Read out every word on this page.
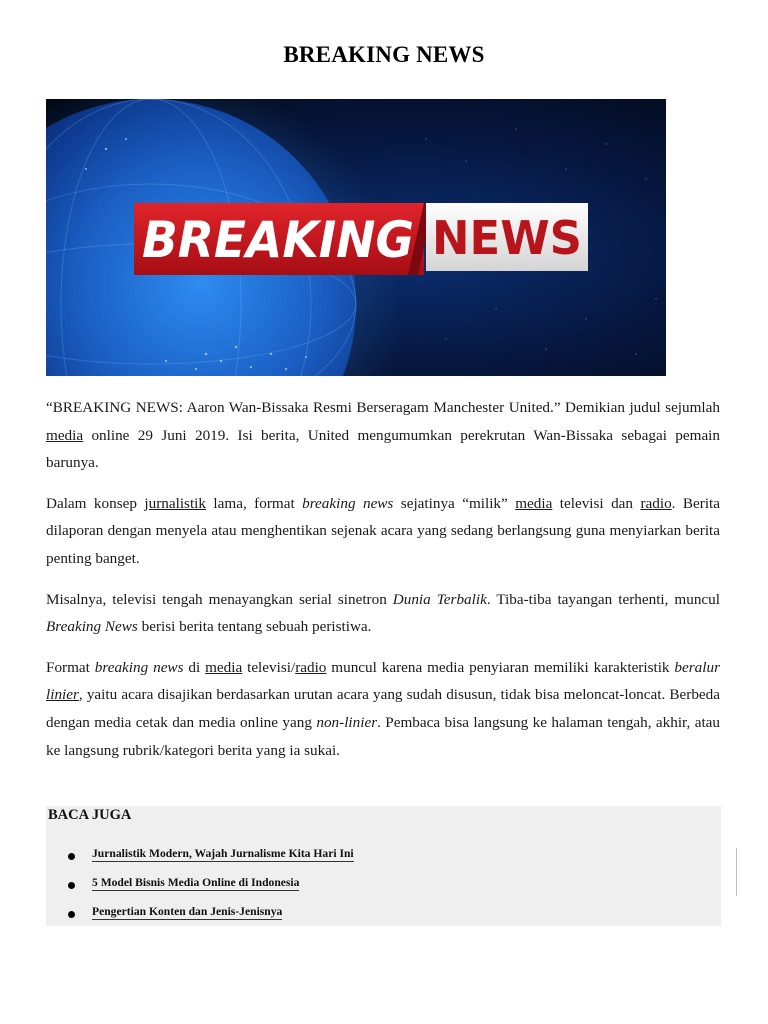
BREAKING NEWS
BREAKING NEWS

“BREAKING NEWS: Aaron Wan-Bissaka Resmi Berseragam Manchester United.” Demikian judul sejumlah media online 29 Juni 2019. Isi berita, United mengumumkan perekrutan Wan-Bissaka sebagai pemain barunya.

Dalam konsep jurnalistik lama, format breaking news sejatinya “milik” media televisi dan radio. Berita dilaporan dengan menyela atau menghentikan sejenak acara yang sedang berlangsung guna menyiarkan berita penting banget.

Misalnya, televisi tengah menayangkan serial sinetron Dunia Terbalik. Tiba-tiba tayangan terhenti, muncul Breaking News berisi berita tentang sebuah peristiwa.

Format breaking news di media televisi/radio muncul karena media penyiaran memiliki karakteristik beralur linier, yaitu acara disajikan berdasarkan urutan acara yang sudah disusun, tidak bisa meloncat-loncat. Berbeda dengan media cetak dan media online yang non-linier. Pembaca bisa langsung ke halaman tengah, akhir, atau ke langsung rubrik/kategori berita yang ia sukai.

BACA JUGA
Jurnalistik Modern, Wajah Jurnalisme Kita Hari Ini
5 Model Bisnis Media Online di Indonesia
Pengertian Konten dan Jenis-Jenisnya
